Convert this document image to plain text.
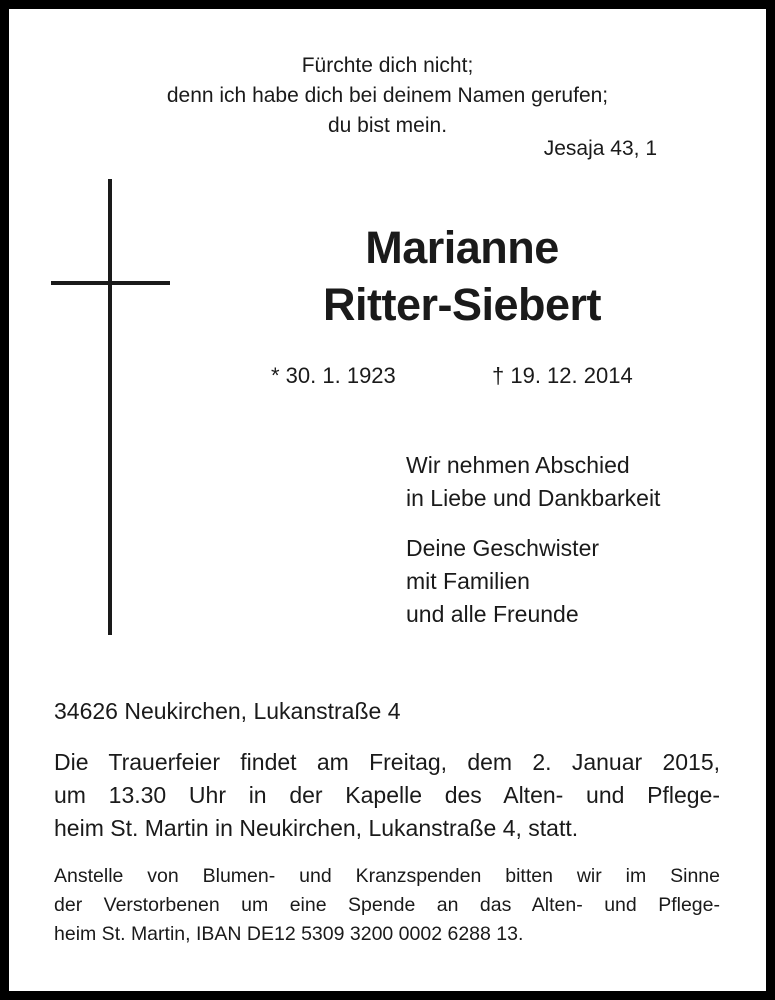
Fürchte dich nicht;
denn ich habe dich bei deinem Namen gerufen;
du bist mein.
Jesaja 43, 1
Marianne
Ritter-Siebert
* 30. 1. 1923	† 19. 12. 2014
Wir nehmen Abschied
in Liebe und Dankbarkeit
Deine Geschwister
mit Familien
und alle Freunde
34626 Neukirchen, Lukanstraße 4
Die Trauerfeier findet am Freitag, dem 2. Januar 2015,
um 13.30 Uhr in der Kapelle des Alten- und Pflege-
heim St. Martin in Neukirchen, Lukanstraße 4, statt.
Anstelle von Blumen- und Kranzspenden bitten wir im Sinne
der Verstorbenen um eine Spende an das Alten- und Pflege-
heim St. Martin, IBAN DE12 5309 3200 0002 6288 13.
